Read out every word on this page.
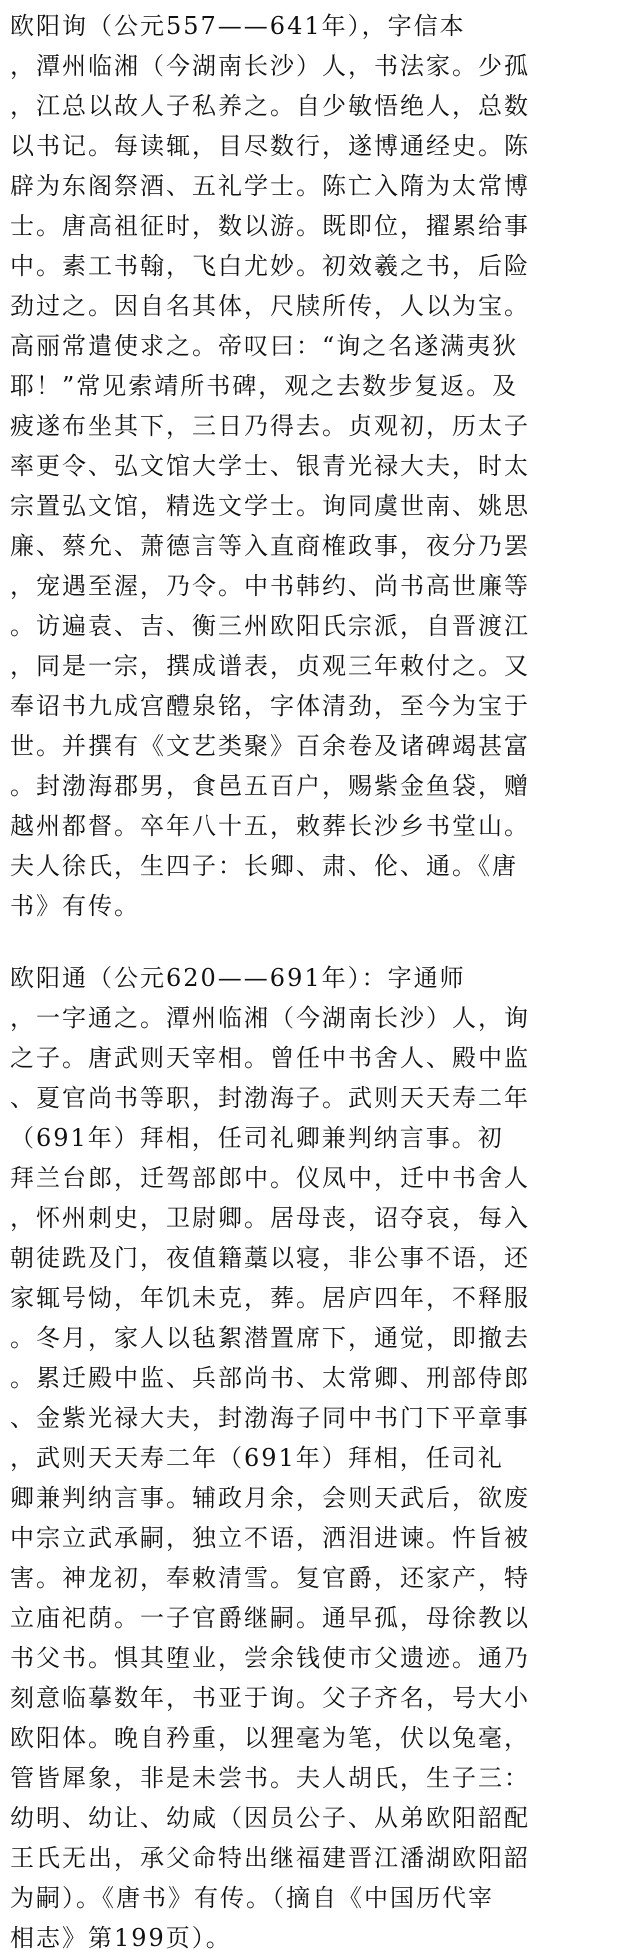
欧阳询（公元557——641年），字信本
，潭州临湘（今湖南长沙）人，书法家。少孤
，江总以故人子私养之。自少敏悟绝人，总数
以书记。每读辄，目尽数行，遂博通经史。陈
辟为东阁祭酒、五礼学士。陈亡入隋为太常博
士。唐高祖征时，数以游。既即位，擢累给事
中。素工书翰，飞白尤妙。初效羲之书，后险
劲过之。因自名其体，尺牍所传，人以为宝。
高丽常遣使求之。帝叹曰：“询之名遂满夷狄
耶！”常见索靖所书碑，观之去数步复返。及
疲遂布坐其下，三日乃得去。贞观初，历太子
率更令、弘文馆大学士、银青光禄大夫，时太
宗置弘文馆，精选文学士。询同虞世南、姚思
廉、蔡允、萧德言等入直商榷政事，夜分乃罢
，宠遇至渥，乃令。中书韩约、尚书高世廉等
。访遍袁、吉、衡三州欧阳氏宗派，自晋渡江
，同是一宗，撰成谱表，贞观三年敕付之。又
奉诏书九成宫醴泉铭，字体清劲，至今为宝于
世。并撰有《文艺类聚》百余卷及诸碑竭甚富
。封渤海郡男，食邑五百户，赐紫金鱼袋，赠
越州都督。卒年八十五，敕葬长沙乡书堂山。
夫人徐氏，生四子：长卿、肃、伦、通。《唐
书》有传。
欧阳通（公元620——691年）：字通师
，一字通之。潭州临湘（今湖南长沙）人，询
之子。唐武则天宰相。曾任中书舍人、殿中监
、夏官尚书等职，封渤海子。武则天天寿二年
（691年）拜相，任司礼卿兼判纳言事。初
拜兰台郎，迁驾部郎中。仪凤中，迁中书舍人
，怀州刺史，卫尉卿。居母丧，诏夺哀，每入
朝徒跣及门，夜值籍藁以寝，非公事不语，还
家辄号恸，年饥未克，葬。居庐四年，不释服
。冬月，家人以毡絮潜置席下，通觉，即撤去
。累迁殿中监、兵部尚书、太常卿、刑部侍郎
、金紫光禄大夫，封渤海子同中书门下平章事
，武则天天寿二年（691年）拜相，任司礼
卿兼判纳言事。辅政月余，会则天武后，欲废
中宗立武承嗣，独立不语，洒泪进谏。忤旨被
害。神龙初，奉敕清雪。复官爵，还家产，特
立庙祀荫。一子官爵继嗣。通早孤，母徐教以
书父书。惧其堕业，尝余钱使市父遗迹。通乃
刻意临摹数年，书亚于询。父子齐名，号大小
欧阳体。晚自矜重，以狸毫为笔，伏以兔毫，
管皆犀象，非是未尝书。夫人胡氏，生子三：
幼明、幼让、幼咸（因员公子、从弟欧阳韶配
王氏无出，承父命特出继福建晋江潘湖欧阳韶
为嗣）。《唐书》有传。（摘自《中国历代宰
相志》第199页）。
